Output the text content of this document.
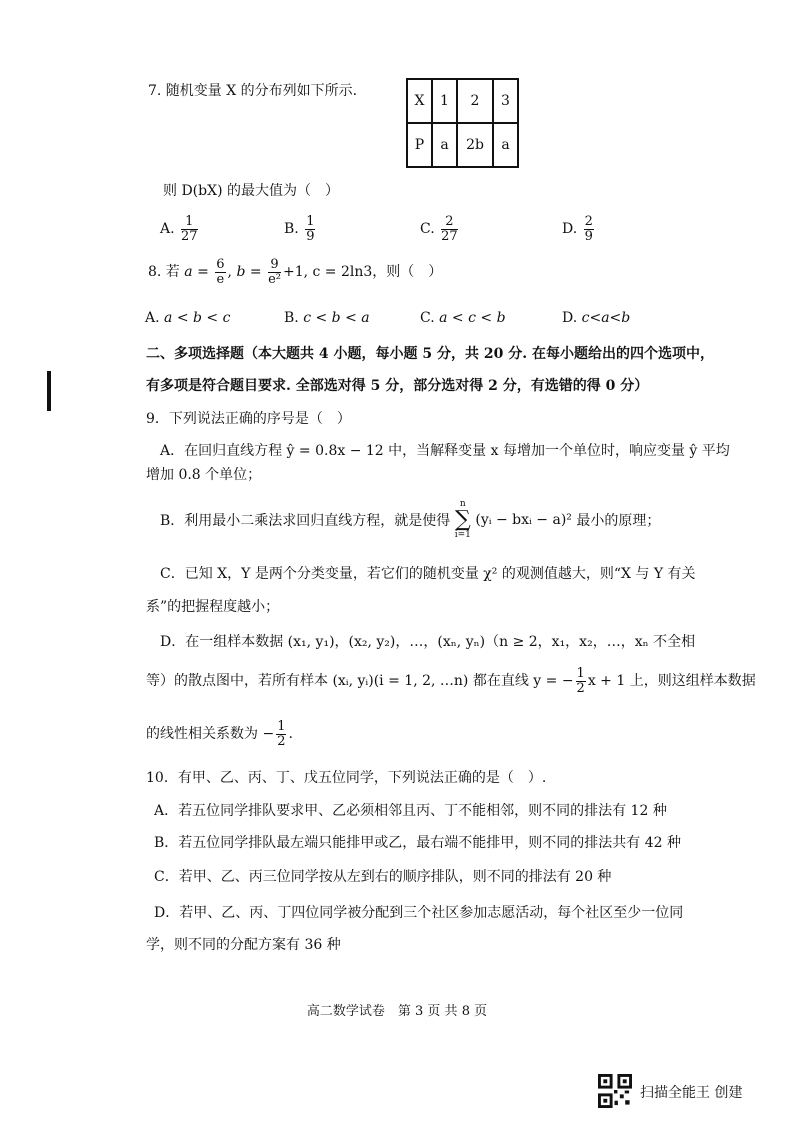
7. 随机变量 X 的分布列如下所示.
X	1	2	3
P	a	2b	a
则 D(bX) 的最大值为（　）
A. $\frac{1}{27}$	B. $\frac{1}{9}$	C. $\frac{2}{27}$	D. $\frac{2}{9}$
8. 若 $a = \frac{6}{e}$ , $b = \frac{9}{\text{e²}} +1$, c = 2ln3，则（　）
A. a < b < c	B. c < b < a	C. a < c < b	D. c<a<b
二、多项选择题（本大题共 4 小题，每小题 5 分，共 20 分. 在每小题给出的四个选项中，
有多项是符合题目要求. 全部选对得 5 分，部分选对得 2 分，有选错的得 0 分）
9．下列说法正确的序号是（　）
A．在回归直线方程 ŷ = 0.8x − 12 中，当解释变量 x 每增加一个单位时，响应变量 ŷ 平均
增加 0.8 个单位；
B．利用最小二乘法求回归直线方程，就是使得
n
∑
i=1
(yᵢ − bxᵢ − a)² 最小的原理；
C．已知 X，Y 是两个分类变量，若它们的随机变量 χ² 的观测值越大，则“X 与 Y 有关
系”的把握程度越小；
D．在一组样本数据 (x₁, y₁)，(x₂, y₂)，…，(xₙ, yₙ)（n ≥ 2，x₁，x₂，…，xₙ 不全相
等）的散点图中，若所有样本 (xᵢ, yᵢ)(i = 1, 2, …n) 都在直线 y = − $\frac{1}{2}$ x + 1 上，则这组样本数据
的线性相关系数为 − $\frac{1}{2}$ .
10．有甲、乙、丙、丁、戊五位同学，下列说法正确的是（　）.
A．若五位同学排队要求甲、乙必须相邻且丙、丁不能相邻，则不同的排法有 12 种
B．若五位同学排队最左端只能排甲或乙，最右端不能排甲，则不同的排法共有 42 种
C．若甲、乙、丙三位同学按从左到右的顺序排队，则不同的排法有 20 种
D．若甲、乙、丙、丁四位同学被分配到三个社区参加志愿活动，每个社区至少一位同
学，则不同的分配方案有 36 种
高二数学试卷　第 3 页 共 8 页
扫描全能王 创建
